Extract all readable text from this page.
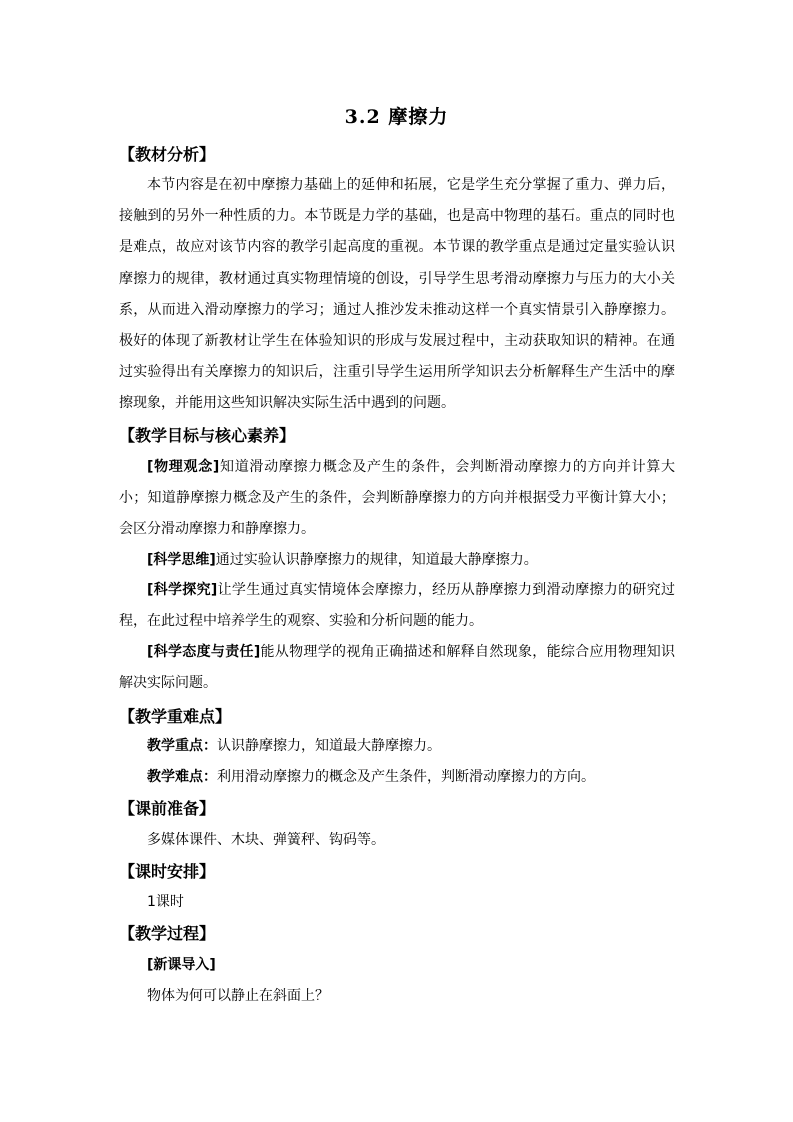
3.2 摩擦力
【教材分析】
本节内容是在初中摩擦力基础上的延伸和拓展，它是学生充分掌握了重力、弹力后，接触到的另外一种性质的力。本节既是力学的基础，也是高中物理的基石。重点的同时也是难点，故应对该节内容的教学引起高度的重视。本节课的教学重点是通过定量实验认识摩擦力的规律，教材通过真实物理情境的创设，引导学生思考滑动摩擦力与压力的大小关系，从而进入滑动摩擦力的学习；通过人推沙发未推动这样一个真实情景引入静摩擦力。极好的体现了新教材让学生在体验知识的形成与发展过程中，主动获取知识的精神。在通过实验得出有关摩擦力的知识后，注重引导学生运用所学知识去分析解释生产生活中的摩擦现象，并能用这些知识解决实际生活中遇到的问题。
【教学目标与核心素养】
[物理观念]知道滑动摩擦力概念及产生的条件，会判断滑动摩擦力的方向并计算大小；知道静摩擦力概念及产生的条件，会判断静摩擦力的方向并根据受力平衡计算大小；会区分滑动摩擦力和静摩擦力。
[科学思维]通过实验认识静摩擦力的规律，知道最大静摩擦力。
[科学探究]让学生通过真实情境体会摩擦力，经历从静摩擦力到滑动摩擦力的研究过程，在此过程中培养学生的观察、实验和分析问题的能力。
[科学态度与责任]能从物理学的视角正确描述和解释自然现象，能综合应用物理知识解决实际问题。
【教学重难点】
教学重点：认识静摩擦力，知道最大静摩擦力。
教学难点：利用滑动摩擦力的概念及产生条件，判断滑动摩擦力的方向。
【课前准备】
多媒体课件、木块、弹簧秤、钩码等。
【课时安排】
1课时
【教学过程】
[新课导入]
物体为何可以静止在斜面上？
